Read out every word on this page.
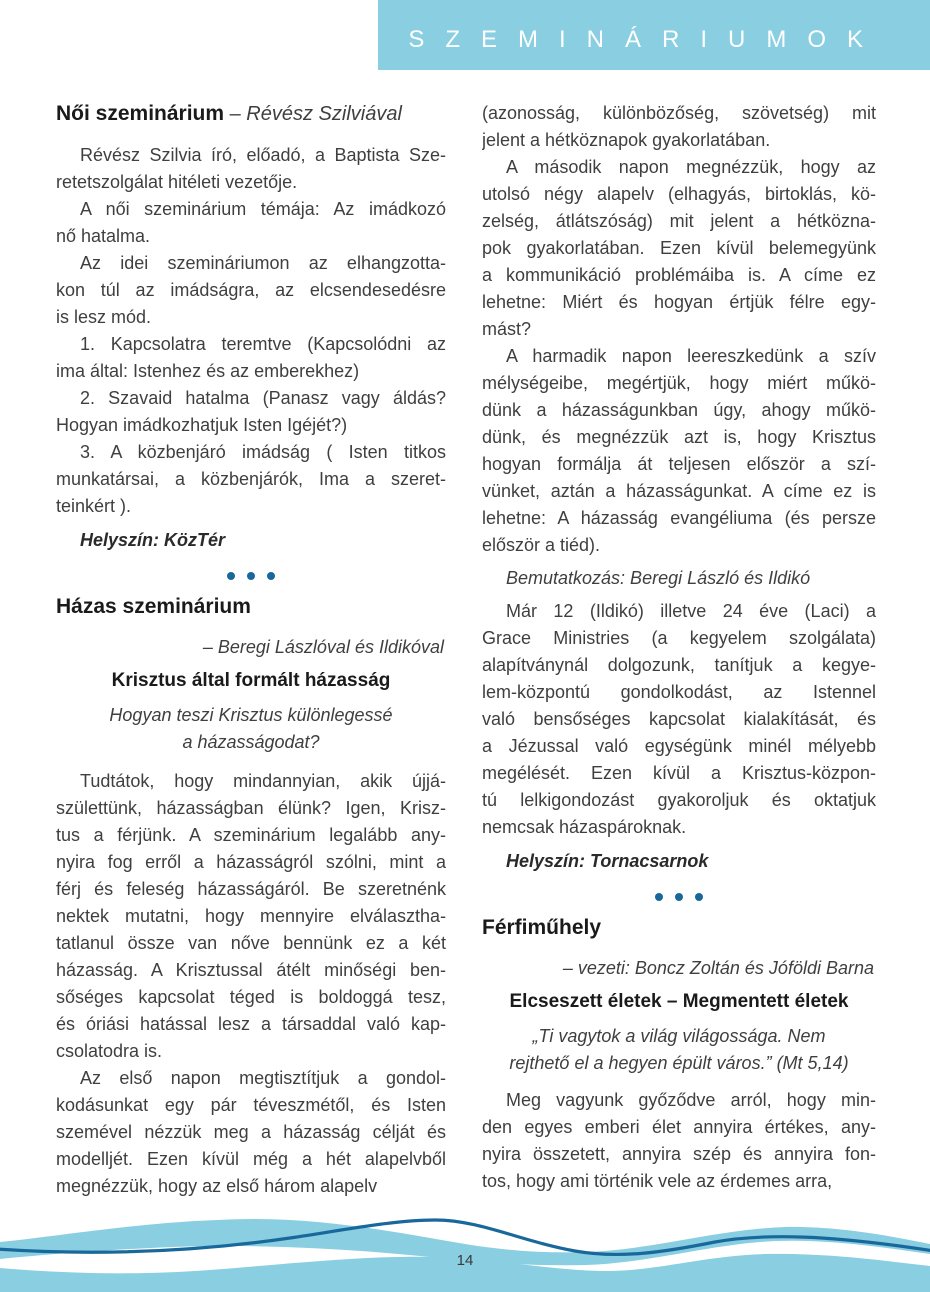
SZEMINÁRIUMOK
Női szeminárium – Révész Szilviával
Révész Szilvia író, előadó, a Baptista Sze-
retetszolgálat hitéleti vezetője.
A női szeminárium témája: Az imádkozó
nő hatalma.
Az idei szemináriumon az elhangzotta-
kon túl az imádságra, az elcsendesedésre
is lesz mód.
1. Kapcsolatra teremtve (Kapcsolódni az
ima által: Istenhez és az emberekhez)
2. Szavaid hatalma (Panasz vagy áldás?
Hogyan imádkozhatjuk Isten Igéjét?)
3. A közbenjáró imádság ( Isten titkos
munkatársai, a közbenjárók, Ima a szeret-
teinkért ).
Helyszín: KözTér
Házas szeminárium
– Beregi Lászlóval és Ildikóval
Krisztus által formált házasság
Hogyan teszi Krisztus különlegessé
a házasságodat?
Tudtátok, hogy mindannyian, akik újjá-
születtünk, házasságban élünk? Igen, Krisz-
tus a férjünk. A szeminárium legalább any-
nyira fog erről a házasságról szólni, mint a
férj és feleség házasságáról. Be szeretnénk
nektek mutatni, hogy mennyire elválasztha-
tatlanul össze van nőve bennünk ez a két
házasság. A Krisztussal átélt minőségi ben-
sőséges kapcsolat téged is boldoggá tesz,
és óriási hatással lesz a társaddal való kap-
csolatodra is.
Az első napon megtisztítjuk a gondol-
kodásunkat egy pár téveszmétől, és Isten
szemével nézzük meg a házasság célját és
modelljét. Ezen kívül még a hét alapelvből
megnézzük, hogy az első három alapelv
(azonosság, különbözőség, szövetség) mit
jelent a hétköznapok gyakorlatában.
A második napon megnézzük, hogy az
utolsó négy alapelv (elhagyás, birtoklás, kö-
zelség, átlátszóság) mit jelent a hétközna-
pok gyakorlatában. Ezen kívül belemegyünk
a kommunikáció problémáiba is. A címe ez
lehetne: Miért és hogyan értjük félre egy-
mást?
A harmadik napon leereszkedünk a szív
mélységeibe, megértjük, hogy miért műkö-
dünk a házasságunkban úgy, ahogy műkö-
dünk, és megnézzük azt is, hogy Krisztus
hogyan formálja át teljesen először a szí-
vünket, aztán a házasságunkat. A címe ez is
lehetne: A házasság evangéliuma (és persze
először a tiéd).
Bemutatkozás: Beregi László és Ildikó
Már 12 (Ildikó) illetve 24 éve (Laci) a
Grace Ministries (a kegyelem szolgálata)
alapítványnál dolgozunk, tanítjuk a kegye-
lem-központú gondolkodást, az Istennel
való bensőséges kapcsolat kialakítását, és
a Jézussal való egységünk minél mélyebb
megélését. Ezen kívül a Krisztus-közpon-
tú lelkigondozást gyakoroljuk és oktatjuk
nemcsak házaspároknak.
Helyszín: Tornacsarnok
Férfiműhely
– vezeti: Boncz Zoltán és Jóföldi Barna
Elcseszett életek – Megmentett életek
„Ti vagytok a világ világossága. Nem
rejthető el a hegyen épült város.” (Mt 5,14)
Meg vagyunk győződve arról, hogy min-
den egyes emberi élet annyira értékes, any-
nyira összetett, annyira szép és annyira fon-
tos, hogy ami történik vele az érdemes arra,
14
